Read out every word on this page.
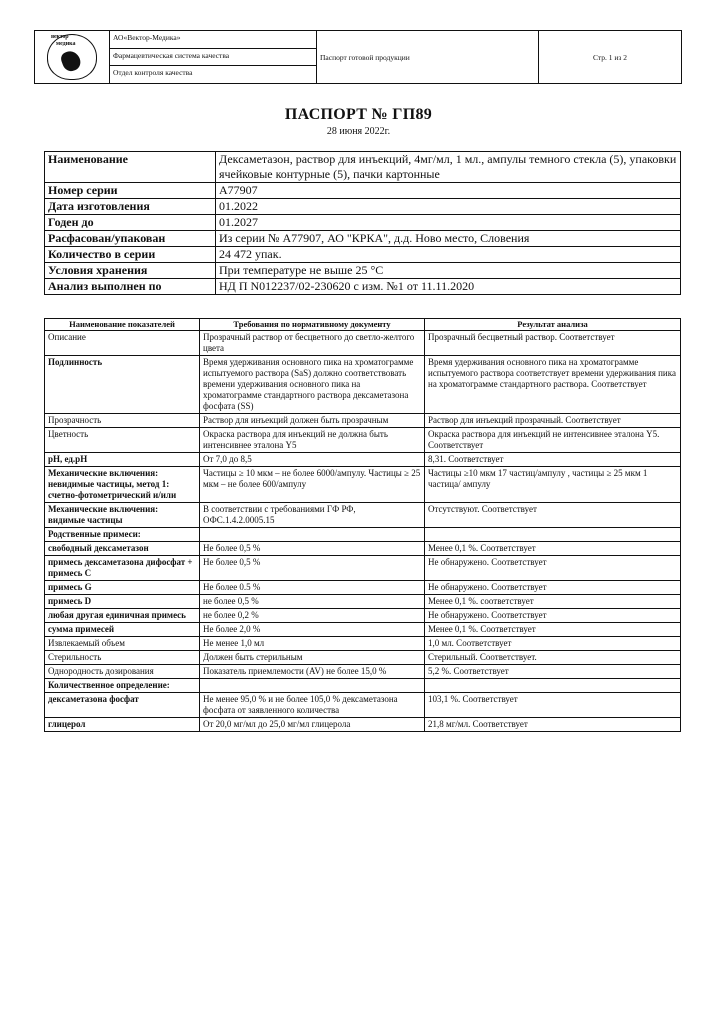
вектор
медика
	АО«Вектор-Медика»	Паспорт готовой продукции	Стр. 1 из 2
Фармацевтическая система качества
Отдел контроля качества
ПАСПОРТ № ГП89
28 июня 2022г.
Наименование	Дексаметазон, раствор для инъекций, 4мг/мл, 1 мл., ампулы темного стекла (5), упаковки ячейковые контурные (5), пачки картонные
Номер серии	А77907
Дата изготовления	01.2022
Годен до	01.2027
Расфасован/упакован	Из серии № А77907, АО "КРКА", д.д. Ново место, Словения
Количество в серии	24 472 упак.
Условия хранения	При температуре не выше 25 °С
Анализ выполнен по	НД П N012237/02-230620 с изм. №1 от 11.11.2020
Наименование показателей	Требования по нормативному документу	Результат анализа
Описание	Прозрачный раствор от бесцветного до светло-желтого цвета	Прозрачный бесцветный раствор. Соответствует
Подлинность	Время удерживания основного пика на хроматограмме испытуемого раствора (SaS) должно соответствовать времени удерживания основного пика на хроматограмме стандартного раствора дексаметазона фосфата (SS)	Время удерживания основного пика на хроматограмме испытуемого раствора соответствует времени удерживания пика на хроматограмме стандартного раствора. Соответствует
Прозрачность	Раствор для инъекций должен быть прозрачным	Раствор для инъекций прозрачный. Соответствует
Цветность	Окраска раствора для инъекций не должна быть интенсивнее эталона Y5	Окраска раствора для инъекций не интенсивнее эталона Y5. Соответствует
рН, ед.рН	От 7,0 до 8,5	8,31. Соответствует
Механические включения: невидимые частицы, метод 1: счетно-фотометрический и/или	Частицы ≥ 10 мкм – не более 6000/ампулу. Частицы ≥ 25 мкм – не более 600/ампулу	Частицы ≥10 мкм 17 частиц/ампулу , частицы ≥ 25 мкм 1 частица/ ампулу
Механические включения: видимые частицы	В соответствии с требованиями ГФ РФ, ОФС.1.4.2.0005.15	Отсутствуют. Соответствует
Родственные примеси:		
свободный дексаметазон	Не более 0,5 %	Менее 0,1 %. Соответствует
примесь дексаметазона дифосфат + примесь С	Не более 0,5 %	Не обнаружено. Соответствует
примесь G	Не более 0.5 %	Не обнаружено. Соответствует
примесь D	не более 0,5 %	Менее 0,1 %. соответствует
любая другая единичная примесь	не более 0,2 %	Не обнаружено. Соответствует
сумма примесей	Не более 2,0 %	Менее 0,1 %. Соответствует
Извлекаемый объем	Не менее 1,0 мл	1,0 мл. Соответствует
Стерильность	Должен быть стерильным	Стерильный. Соответствует.
Однородность дозирования	Показатель приемлемости (AV) не более 15,0 %	5,2 %. Соответствует
Количественное определение:		
дексаметазона фосфат	Не менее 95,0 % и не более 105,0 % дексаметазона фосфата от заявленного количества	103,1 %. Соответствует
глицерол	От 20,0 мг/мл до 25,0 мг/мл глицерола	21,8 мг/мл. Соответствует
